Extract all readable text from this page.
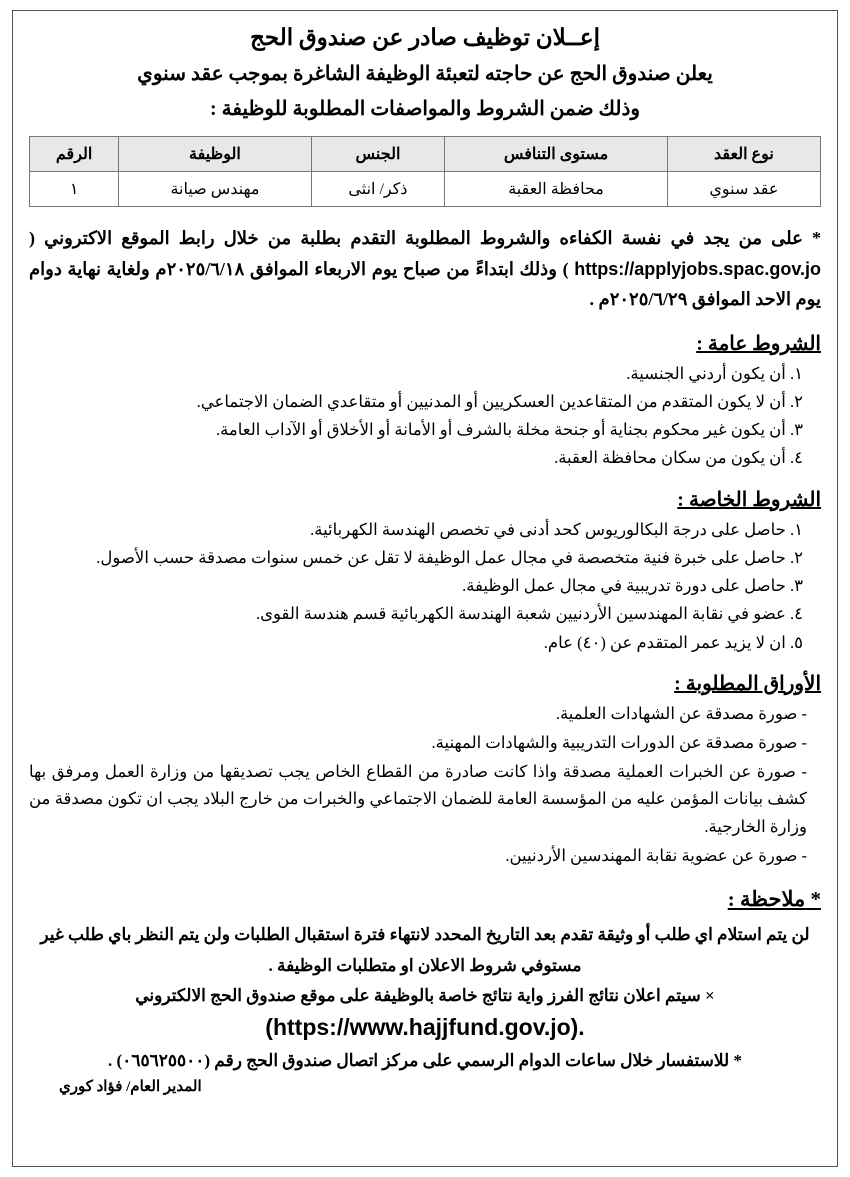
إعــلان توظيف صادر عن صندوق الحج
يعلن صندوق الحج عن حاجته لتعبئة الوظيفة الشاغرة بموجب عقد سنوي
وذلك ضمن الشروط والمواصفات المطلوبة للوظيفة :
نوع العقد	مستوى التنافس	الجنس	الوظيفة	الرقم
عقد سنوي	محافظة العقبة	ذكر/ انثى	مهندس صيانة	١
* على من يجد في نفسة الكفاءه والشروط المطلوبة التقدم بطلبة من خلال رابط الموقع الاكتروني ( https://applyjobs.spac.gov.jo ) وذلك ابتداءً من صباح يوم الاربعاء الموافق ٢٠٢٥/٦/١٨م ولغاية نهاية دوام يوم الاحد الموافق ٢٠٢٥/٦/٢٩م .
الشروط عامة :
١. أن يكون أردني الجنسية.
٢. أن لا يكون المتقدم من المتقاعدين العسكريين أو المدنيين أو متقاعدي الضمان الاجتماعي.
٣. أن يكون غير محكوم بجناية أو جنحة مخلة بالشرف أو الأمانة أو الأخلاق أو الآداب العامة.
٤. أن يكون من سكان محافظة العقبة.
الشروط الخاصة :
١. حاصل على درجة البكالوريوس كحد أدنى في تخصص الهندسة الكهربائية.
٢. حاصل على خبرة فنية متخصصة في مجال عمل الوظيفة لا تقل عن خمس سنوات مصدقة حسب الأصول.
٣. حاصل على دورة تدريبية في مجال عمل الوظيفة.
٤. عضو في نقابة المهندسين الأردنيين شعبة الهندسة الكهربائية قسم هندسة القوى.
٥. ان لا يزيد عمر المتقدم عن (٤٠) عام.
الأوراق المطلوبة :
- صورة مصدقة عن الشهادات العلمية.
- صورة مصدقة عن الدورات التدريبية والشهادات المهنية.
- صورة عن الخبرات العملية مصدقة واذا كانت صادرة من القطاع الخاص يجب تصديقها من وزارة العمل ومرفق بها كشف بيانات المؤمن عليه من المؤسسة العامة للضمان الاجتماعي والخبرات من خارج البلاد يجب ان تكون مصدقة من وزارة الخارجية.
- صورة عن عضوية نقابة المهندسين الأردنيين.
* ملاحظة :
لن يتم استلام اي طلب أو وثيقة تقدم بعد التاريخ المحدد لانتهاء فترة استقبال الطلبات ولن يتم النظر باي طلب غير مستوفي شروط الاعلان او متطلبات الوظيفة .
× سيتم اعلان نتائج الفرز واية نتائج خاصة بالوظيفة على موقع صندوق الحج الالكتروني
(https://www.hajjfund.gov.jo).
* للاستفسار خلال ساعات الدوام الرسمي على مركز اتصال صندوق الحج رقم (٠٦٥٦٢٥٥٠٠) .
المدير العام/ فؤاد كوري
